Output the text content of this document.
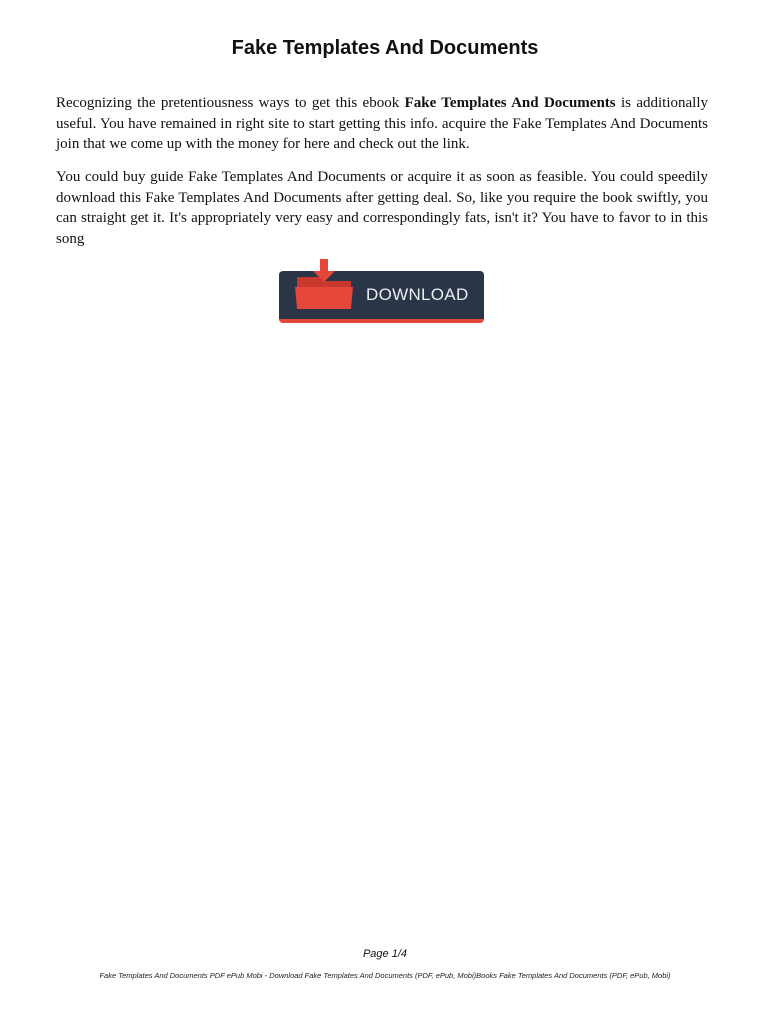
Fake Templates And Documents

Recognizing the pretentiousness ways to get this ebook Fake Templates And Documents is additionally useful. You have remained in right site to start getting this info. acquire the Fake Templates And Documents join that we come up with the money for here and check out the link.

You could buy guide Fake Templates And Documents or acquire it as soon as feasible. You could speedily download this Fake Templates And Documents after getting deal. So, like you require the book swiftly, you can straight get it. It's appropriately very easy and correspondingly fats, isn't it? You have to favor to in this song

DOWNLOAD
Page 1/4
Fake Templates And Documents PDF ePub Mobi - Download Fake Templates And Documents (PDF, ePub, Mobi)Books Fake Templates And Documents (PDF, ePub, Mobi)
